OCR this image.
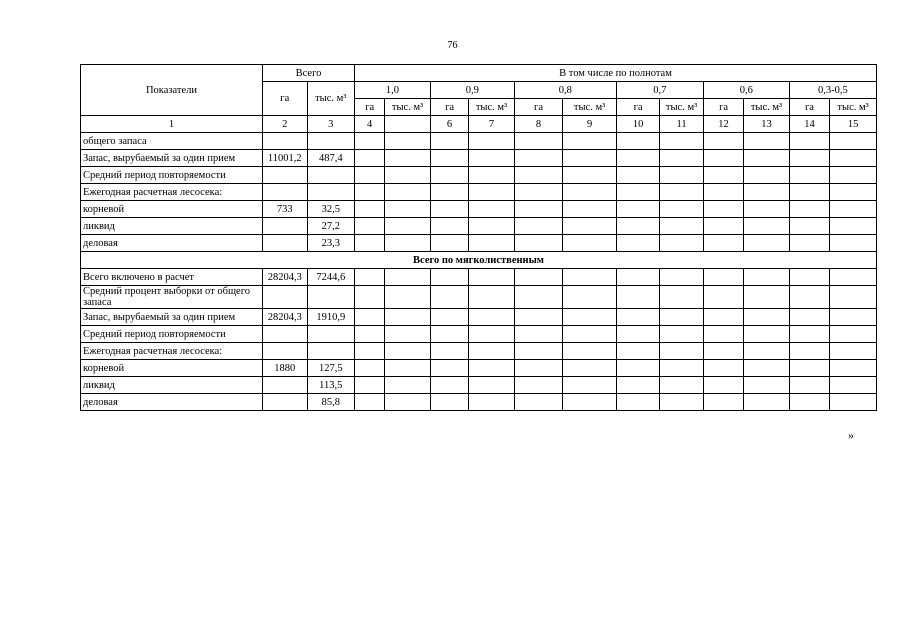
76
Показатели	Всего		В том числе по полнотам											
	га	тыс. м³	1,0		0,9		0,8		0,7		0,6		0,3-0,5	
			га	тыс. м³	га	тыс. м³	га	тыс. м³	га	тыс. м³	га	тыс. м³	га	тыс. м³
1	2	3	4		6	7	8	9	10	11	12	13	14	15
общего запаса														
Запас, вырубаемый за один прием	11001,2	487,4												
Средний период повторяемости														
Ежегодная расчетная лесосека:														
корневой	733	32,5												
ликвид		27,2												
деловая		23,3												
Всего по мягколиственным														
Всего включено в расчет	28204,3	7244,6												
Средний процент выборки от общего запаса														
Запас, вырубаемый за один прием	28204,3	1910,9												
Средний период повторяемости														
Ежегодная расчетная лесосека:														
корневой	1880	127,5												
ликвид		113,5												
деловая		85,8												
»
